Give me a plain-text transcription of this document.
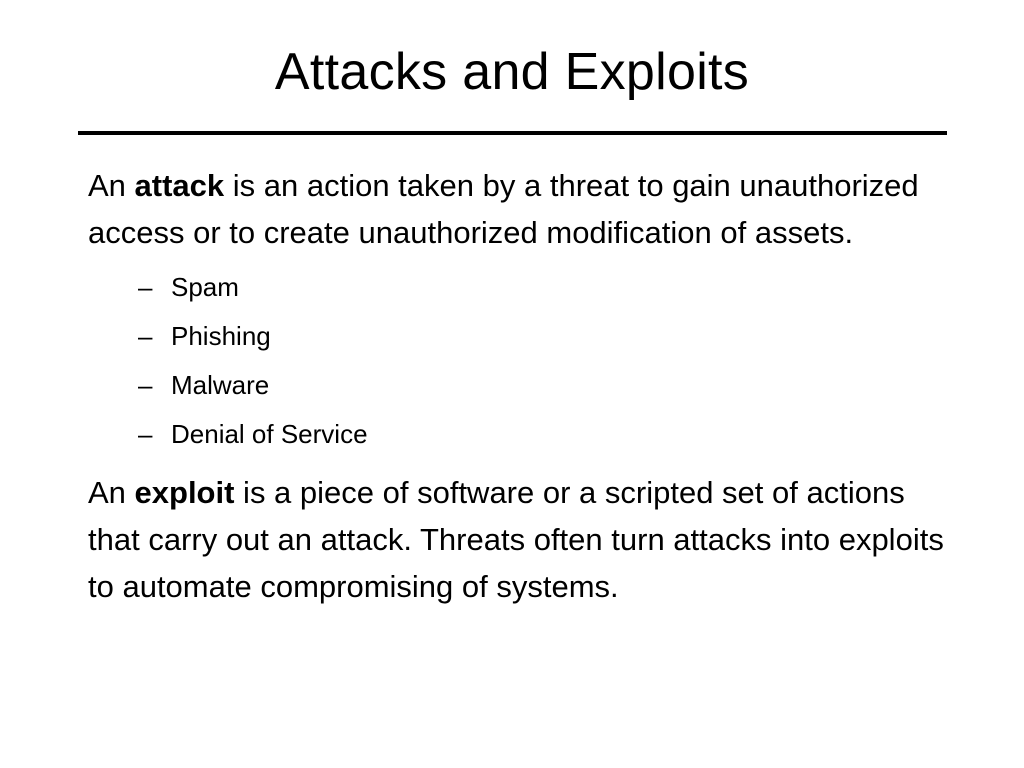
Attacks and Exploits

An attack is an action taken by a threat to gain unauthorized access or to create unauthorized modification of assets.

– Spam
– Phishing
– Malware
– Denial of Service

An exploit is a piece of software or a scripted set of actions that carry out an attack. Threats often turn attacks into exploits to automate compromising of systems.
